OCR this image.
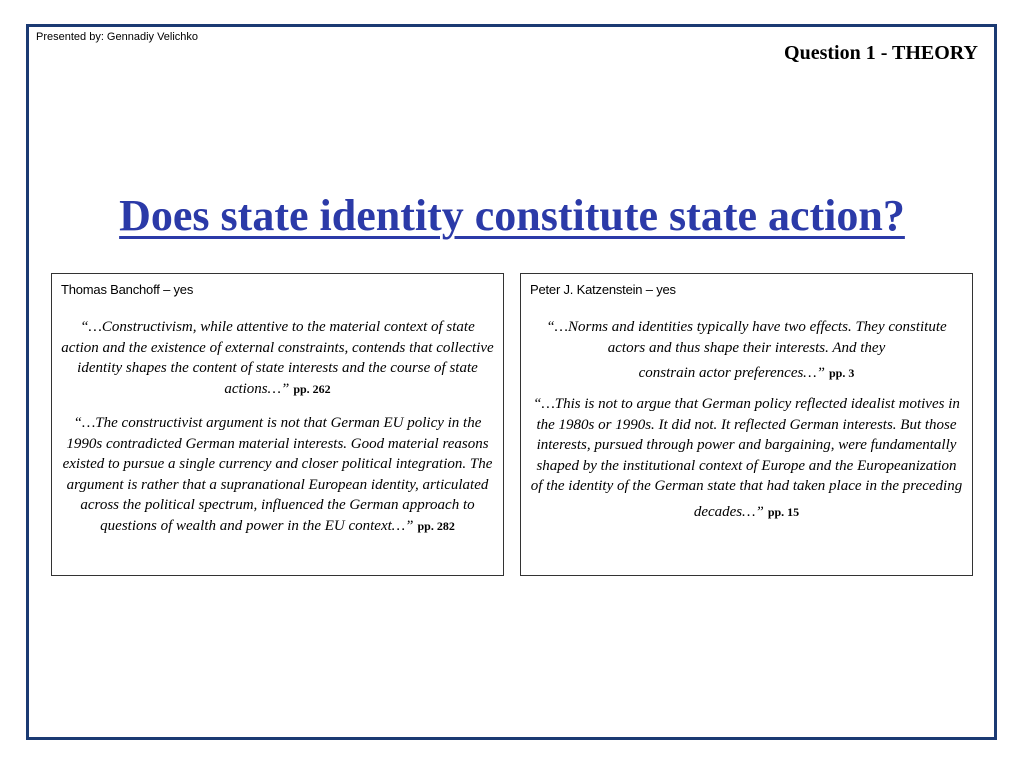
Presented by: Gennadiy Velichko
Question 1 - THEORY
Does state identity constitute state action?
Thomas Banchoff – yes

“…Constructivism, while attentive to the material context of state action and the existence of external constraints, contends that collective identity shapes the content of state interests and the course of state actions…” pp. 262

“…The constructivist argument is not that German EU policy in the 1990s contradicted German material interests. Good material reasons existed to pursue a single currency and closer political integration. The argument is rather that a supranational European identity, articulated across the political spectrum, influenced the German approach to questions of wealth and power in the EU context…” pp. 282

Peter J. Katzenstein – yes

“…Norms and identities typically have two effects. They constitute actors and thus shape their interests. And they
constrain actor preferences…” pp. 3

“…This is not to argue that German policy reflected idealist motives in the 1980s or 1990s. It did not. It reflected German interests. But those interests, pursued through power and bargaining, were fundamentally shaped by the institutional context of Europe and the Europeanization of the identity of the German state that had taken place in the preceding
decades…” pp. 15
